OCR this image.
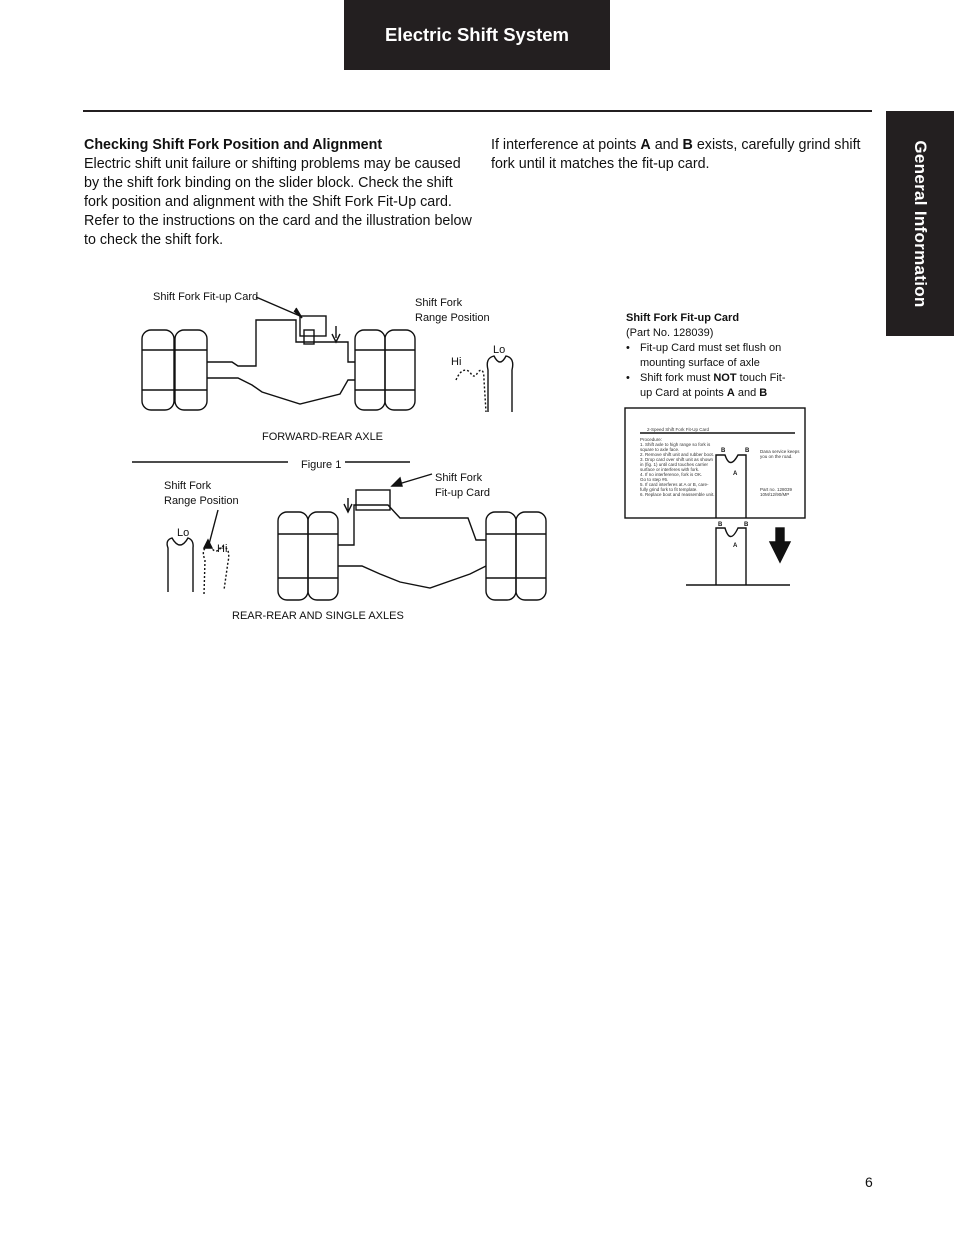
Electric Shift System
General Information
Checking Shift Fork Position and Alignment

Electric shift unit failure or shifting problems may be caused by the shift fork binding on the slider block. Check the shift fork position and alignment with the Shift Fork Fit-Up card. Refer to the instructions on the card and the illustration below to check the shift fork.

If interference at points A and B exists, carefully grind shift fork until it matches the fit-up card.

Shift Fork Fit-up Card	Shift Fork
Range Position
Hi
Lo
FORWARD-REAR AXLE
Figure 1
Shift Fork
Range Position
Lo
Hi
Shift Fork
Fit-up Card
REAR-REAR AND SINGLE AXLES
Shift Fork Fit-up Card
(Part No. 128039)
• Fit-up Card must set flush on mounting surface of axle
• Shift fork must NOT touch Fit-up Card at points A and B
2-Speed Shift Fork Fit-Up Card
Procedure:
1. Shift axle to high range so fork is
square to axle face.
2. Remove shift unit and rubber boot.
3. Drop card over shift unit as shown
in (fig. 1) until card touches carrier
surface or interferes with fork.
4. If no interference, fork is OK.
Go to step #6.
5. If card interferes at A or B, care-
fully grind fork to fit template.
6. Replace boot and reassemble unit.
Dana service keeps
you on the road.
Part no. 128039
10M/12/90/MP
B	B
A
B	B
A
6
